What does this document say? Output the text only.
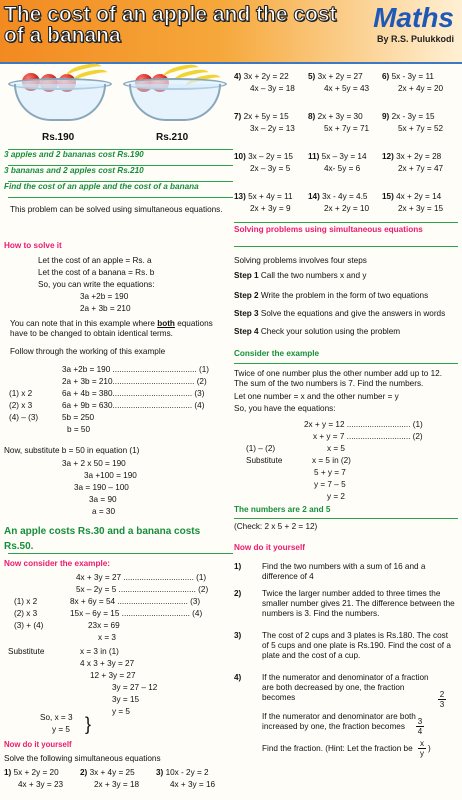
The cost of an apple and the cost of a banana
Maths
By R.S. Pulukkodi
Rs.190	Rs.210
3 apples and 2 bananas cost Rs.190
3 bananas and 2 apples cost Rs.210
Find the cost of an apple and the cost of a banana
This problem can be solved using simultaneous equations.
How to solve it
Let the cost of an apple = Rs. a
Let the cost of a banana = Rs. b
So, you can write the equations:
3a +2b = 190
2a + 3b = 210
You can note that in this example where both equations have to be changed to obtain identical terms.
Follow through the working of this example
3a +2b = 190 ..................................... (1)
2a + 3b = 210.................................... (2)
(1) x 2	6a + 4b = 380................................... (3)
(2) x 3	6a + 9b = 630................................... (4)
(4) – (3)	5b = 250
b = 50
Now, substitute b = 50 in equation (1)
3a + 2 x 50 = 190
3a +100 = 190
3a = 190 – 100
3a = 90
a = 30
An apple costs Rs.30 and a banana costs Rs.50.
Now consider the example:
4x + 3y = 27 ............................... (1)
5x – 2y = 5 .................................. (2)
(1) x 2	8x + 6y = 54 ............................... (3)
(2) x 3	15x – 6y = 15 .............................. (4)
(3) + (4)	23x = 69
x = 3
Substitute	x = 3 in (1)
4 x 3 + 3y = 27
12 + 3y = 27
3y = 27 – 12
3y = 15
y = 5
So, x = 3
y = 5 }
Now do it yourself
Solve the following simultaneous equations
1) 5x + 2y = 20
4x + 3y = 23
2) 3x + 4y = 25
2x + 3y = 18
3) 10x - 2y = 2
4x + 3y = 16
4) 3x + 2y = 22
4x – 3y = 18
5) 3x + 2y = 27
4x + 5y = 43
6) 5x - 3y = 11
2x + 4y = 20
7) 2x + 5y = 15
3x – 2y = 13
8) 2x + 3y = 30
5x + 7y = 71
9) 2x - 3y = 15
5x + 7y = 52
10) 3x – 2y = 15
2x – 3y = 5
11) 5x – 3y = 14
4x- 5y = 6
12) 3x + 2y = 28
2x + 7y = 47
13) 5x + 4y = 11
2x + 3y = 9
14) 3x - 4y = 4.5
2x + 2y = 10
15) 4x + 2y = 14
2x + 3y = 15
Solving problems using simultaneous equations
Solving problems involves four steps
Step 1 Call the two numbers x and y
Step 2 Write the problem in the form of two equations
Step 3 Solve the equations and give the answers in words
Step 4 Check your solution using the problem
Consider the example
Twice of one number plus the other number add up to 12. The sum of the two numbers is 7. Find the numbers.
Let one number = x and the other number = y
So, you have the equations:
2x + y = 12 ............................ (1)
x + y = 7 ............................ (2)
(1) – (2)	x = 5
Substitute	x = 5 in (2)
5 + y = 7
y = 7 – 5
y = 2
The numbers are 2 and 5
(Check: 2 x 5 + 2 = 12)
Now do it yourself
1)	Find the two numbers with a sum of 16 and a difference of 4
2)	Twice the larger number added to three times the smaller number gives 21. The difference between the numbers is 3. Find the numbers.
3)	The cost of 2 cups and 3 plates is Rs.180. The cost of 5 cups and one plate is Rs.190. Find the cost of a plate and the cost of a cup.
4)	If the numerator and denominator of a fraction are both decreased by one, the fraction becomes	2
3
If the numerator and denominator are both increased by one, the fraction becomes
3
4
Find the fraction. (Hint: Let the fraction be
x
y
)
